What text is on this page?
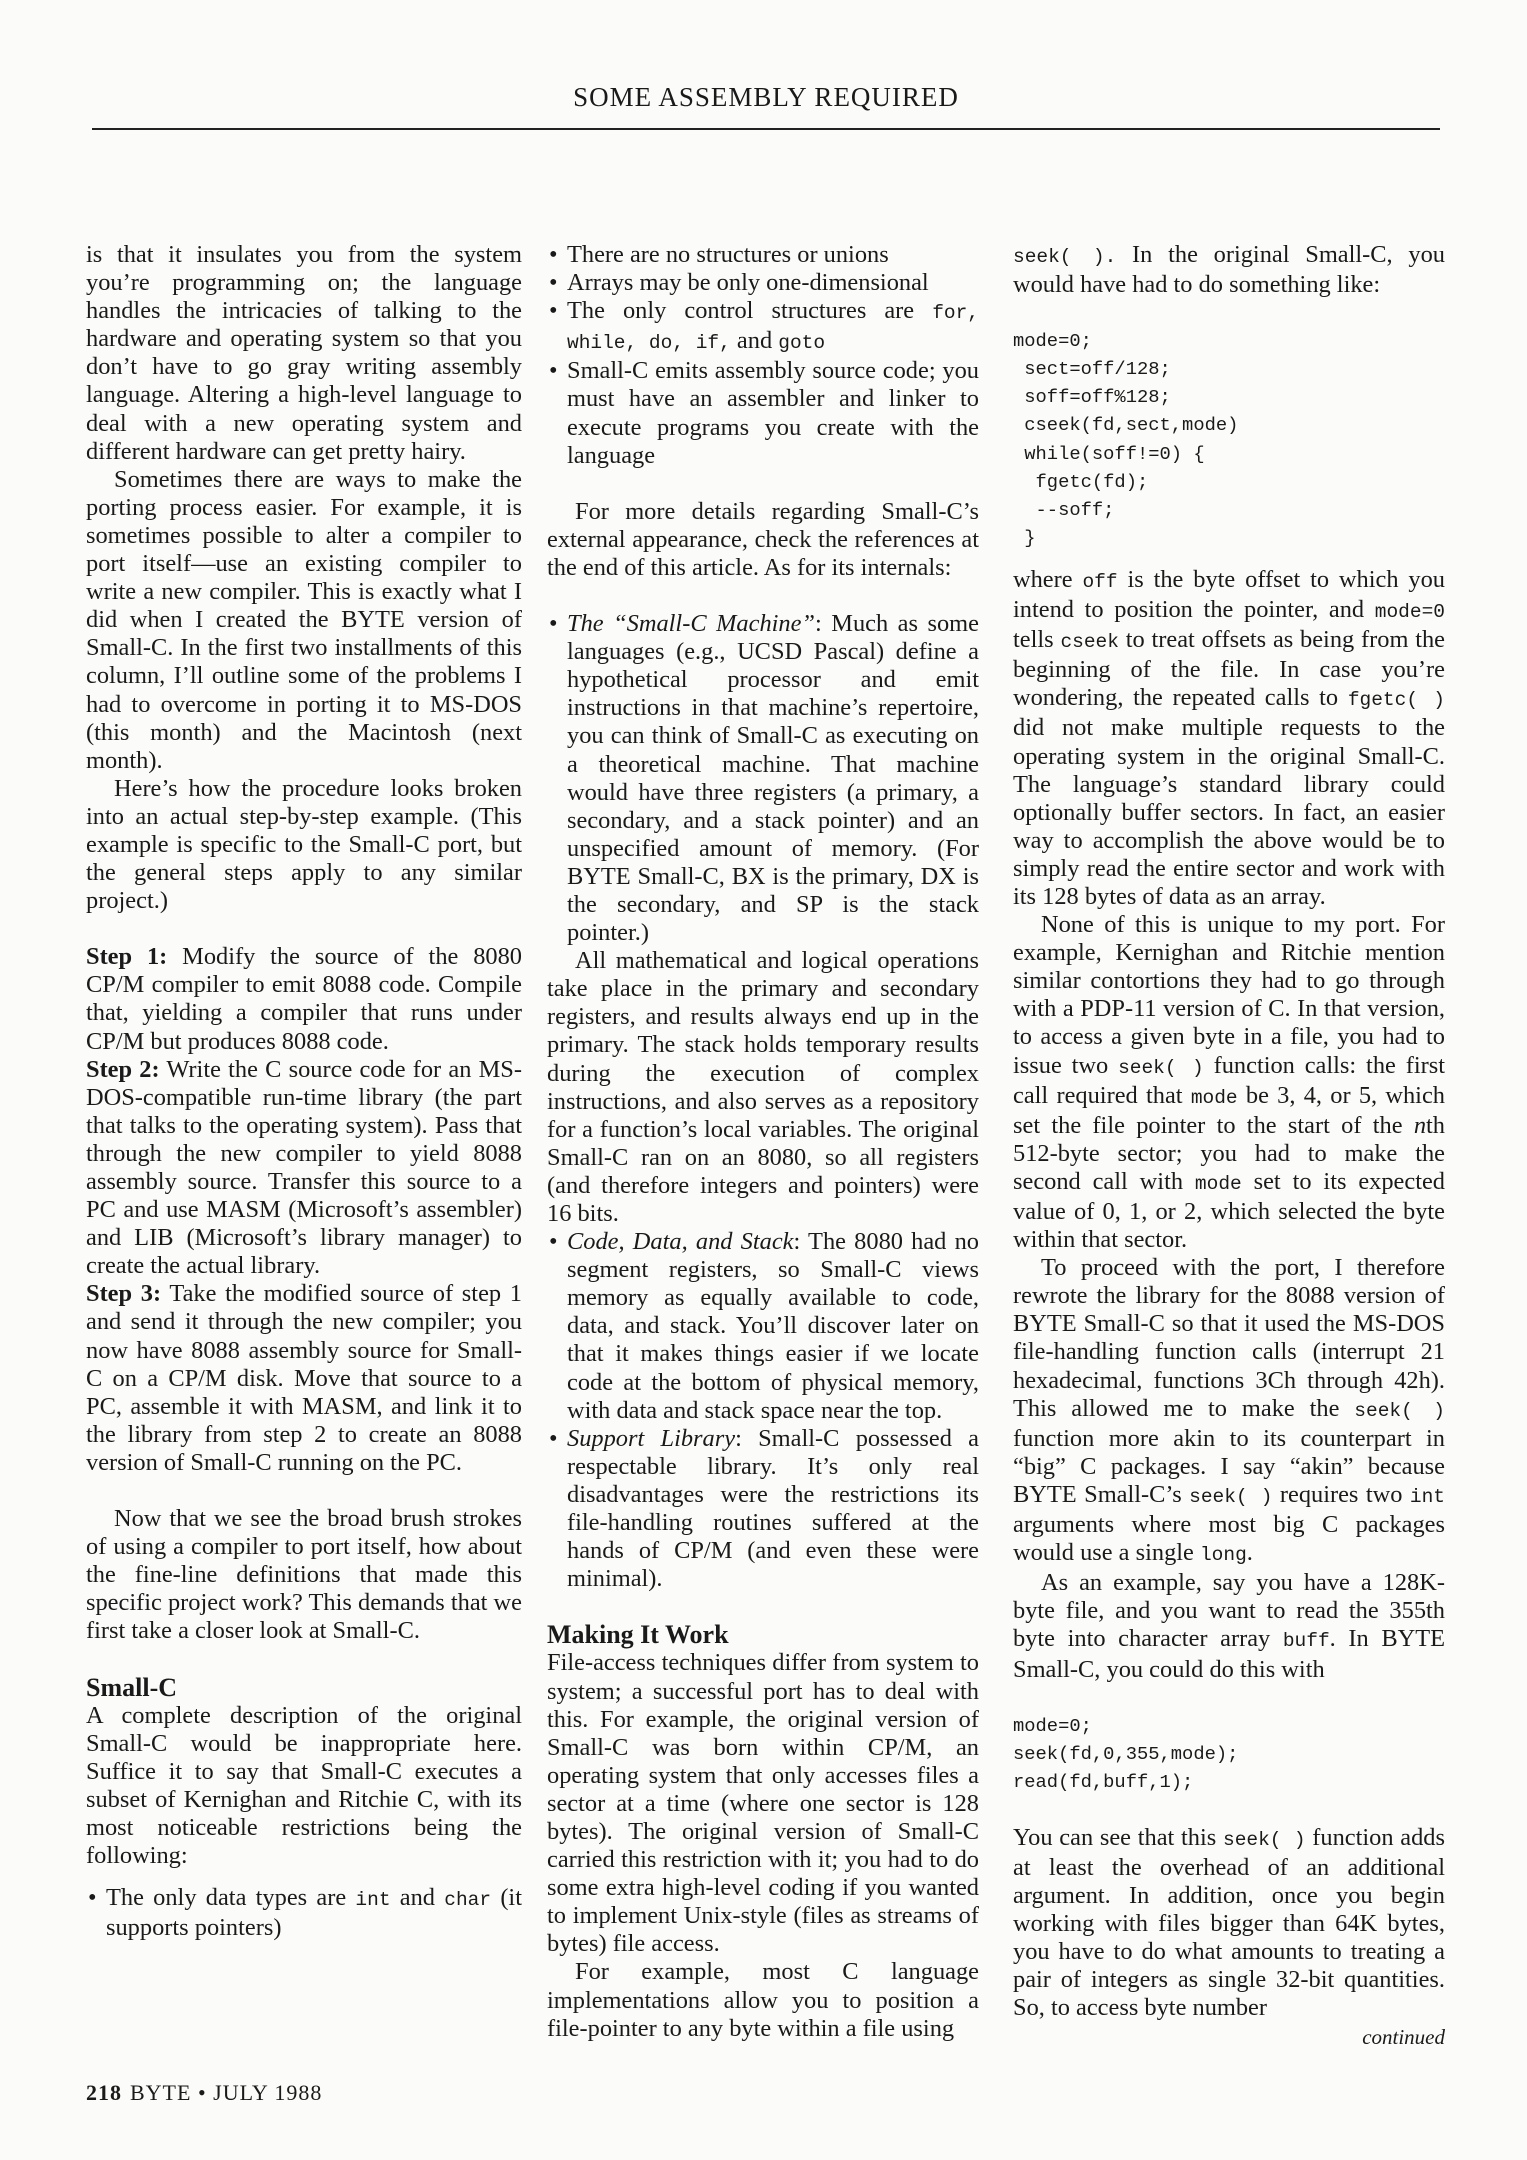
SOME ASSEMBLY REQUIRED

is that it insulates you from the system you’re programming on; the language handles the intricacies of talking to the hardware and operating system so that you don’t have to go gray writing assembly language. Altering a high-level language to deal with a new operating system and different hardware can get pretty hairy.

Sometimes there are ways to make the porting process easier. For example, it is sometimes possible to alter a compiler to port itself—use an existing compiler to write a new compiler. This is exactly what I did when I created the BYTE version of Small-C. In the first two installments of this column, I’ll outline some of the problems I had to overcome in porting it to MS-DOS (this month) and the Macintosh (next month).

Here’s how the procedure looks broken into an actual step-by-step example. (This example is specific to the Small-C port, but the general steps apply to any similar project.)

Step 1: Modify the source of the 8080 CP/M compiler to emit 8088 code. Compile that, yielding a compiler that runs under CP/M but produces 8088 code.

Step 2: Write the C source code for an MS-DOS-compatible run-time library (the part that talks to the operating system). Pass that through the new compiler to yield 8088 assembly source. Transfer this source to a PC and use MASM (Microsoft’s assembler) and LIB (Microsoft’s library manager) to create the actual library.

Step 3: Take the modified source of step 1 and send it through the new compiler; you now have 8088 assembly source for Small-C on a CP/M disk. Move that source to a PC, assemble it with MASM, and link it to the library from step 2 to create an 8088 version of Small-C running on the PC.

Now that we see the broad brush strokes of using a compiler to port itself, how about the fine-line definitions that made this specific project work? This demands that we first take a closer look at Small-C.

Small-C

A complete description of the original Small-C would be inappropriate here. Suffice it to say that Small-C executes a subset of Kernighan and Ritchie C, with its most noticeable restrictions being the following:

• The only data types are int and char (it supports pointers)
• There are no structures or unions
• Arrays may be only one-dimensional
• The only control structures are for, while, do, if, and goto
• Small-C emits assembly source code; you must have an assembler and linker to execute programs you create with the language

For more details regarding Small-C’s external appearance, check the references at the end of this article. As for its internals:

• The “Small-C Machine”: Much as some languages (e.g., UCSD Pascal) define a hypothetical processor and emit instructions in that machine’s repertoire, you can think of Small-C as executing on a theoretical machine. That machine would have three registers (a primary, a secondary, and a stack pointer) and an unspecified amount of memory. (For BYTE Small-C, BX is the primary, DX is the secondary, and SP is the stack pointer.)

All mathematical and logical operations take place in the primary and secondary registers, and results always end up in the primary. The stack holds temporary results during the execution of complex instructions, and also serves as a repository for a function’s local variables. The original Small-C ran on an 8080, so all registers (and therefore integers and pointers) were 16 bits.

• Code, Data, and Stack: The 8080 had no segment registers, so Small-C views memory as equally available to code, data, and stack. You’ll discover later on that it makes things easier if we locate code at the bottom of physical memory, with data and stack space near the top.
• Support Library: Small-C possessed a respectable library. It’s only real disadvantages were the restrictions its file-handling routines suffered at the hands of CP/M (and even these were minimal).

Making It Work

File-access techniques differ from system to system; a successful port has to deal with this. For example, the original version of Small-C was born within CP/M, an operating system that only accesses files a sector at a time (where one sector is 128 bytes). The original version of Small-C carried this restriction with it; you had to do some extra high-level coding if you wanted to implement Unix-style (files as streams of bytes) file access.

For example, most C language implementations allow you to position a file-pointer to any byte within a file using

seek( ). In the original Small-C, you would have had to do something like:

mode=0;
sect=off/128;
soff=off%128;
cseek(fd,sect,mode)
while(soff!=0) {
fgetc(fd);
--soff;
}

where off is the byte offset to which you intend to position the pointer, and mode=0 tells cseek to treat offsets as being from the beginning of the file. In case you’re wondering, the repeated calls to fgetc( ) did not make multiple requests to the operating system in the original Small-C. The language’s standard library could optionally buffer sectors. In fact, an easier way to accomplish the above would be to simply read the entire sector and work with its 128 bytes of data as an array.

None of this is unique to my port. For example, Kernighan and Ritchie mention similar contortions they had to go through with a PDP-11 version of C. In that version, to access a given byte in a file, you had to issue two seek( ) function calls: the first call required that mode be 3, 4, or 5, which set the file pointer to the start of the nth 512-byte sector; you had to make the second call with mode set to its expected value of 0, 1, or 2, which selected the byte within that sector.

To proceed with the port, I therefore rewrote the library for the 8088 version of BYTE Small-C so that it used the MS-DOS file-handling function calls (interrupt 21 hexadecimal, functions 3Ch through 42h). This allowed me to make the seek( ) function more akin to its counterpart in “big” C packages. I say “akin” because BYTE Small-C’s seek( ) requires two int arguments where most big C packages would use a single long.

As an example, say you have a 128K-byte file, and you want to read the 355th byte into character array buff. In BYTE Small-C, you could do this with

mode=0;
seek(fd,0,355,mode);
read(fd,buff,1);

You can see that this seek( ) function adds at least the overhead of an additional argument. In addition, once you begin working with files bigger than 64K bytes, you have to do what amounts to treating a pair of integers as single 32-bit quantities. So, to access byte number

continued

218 BYTE • JULY 1988
